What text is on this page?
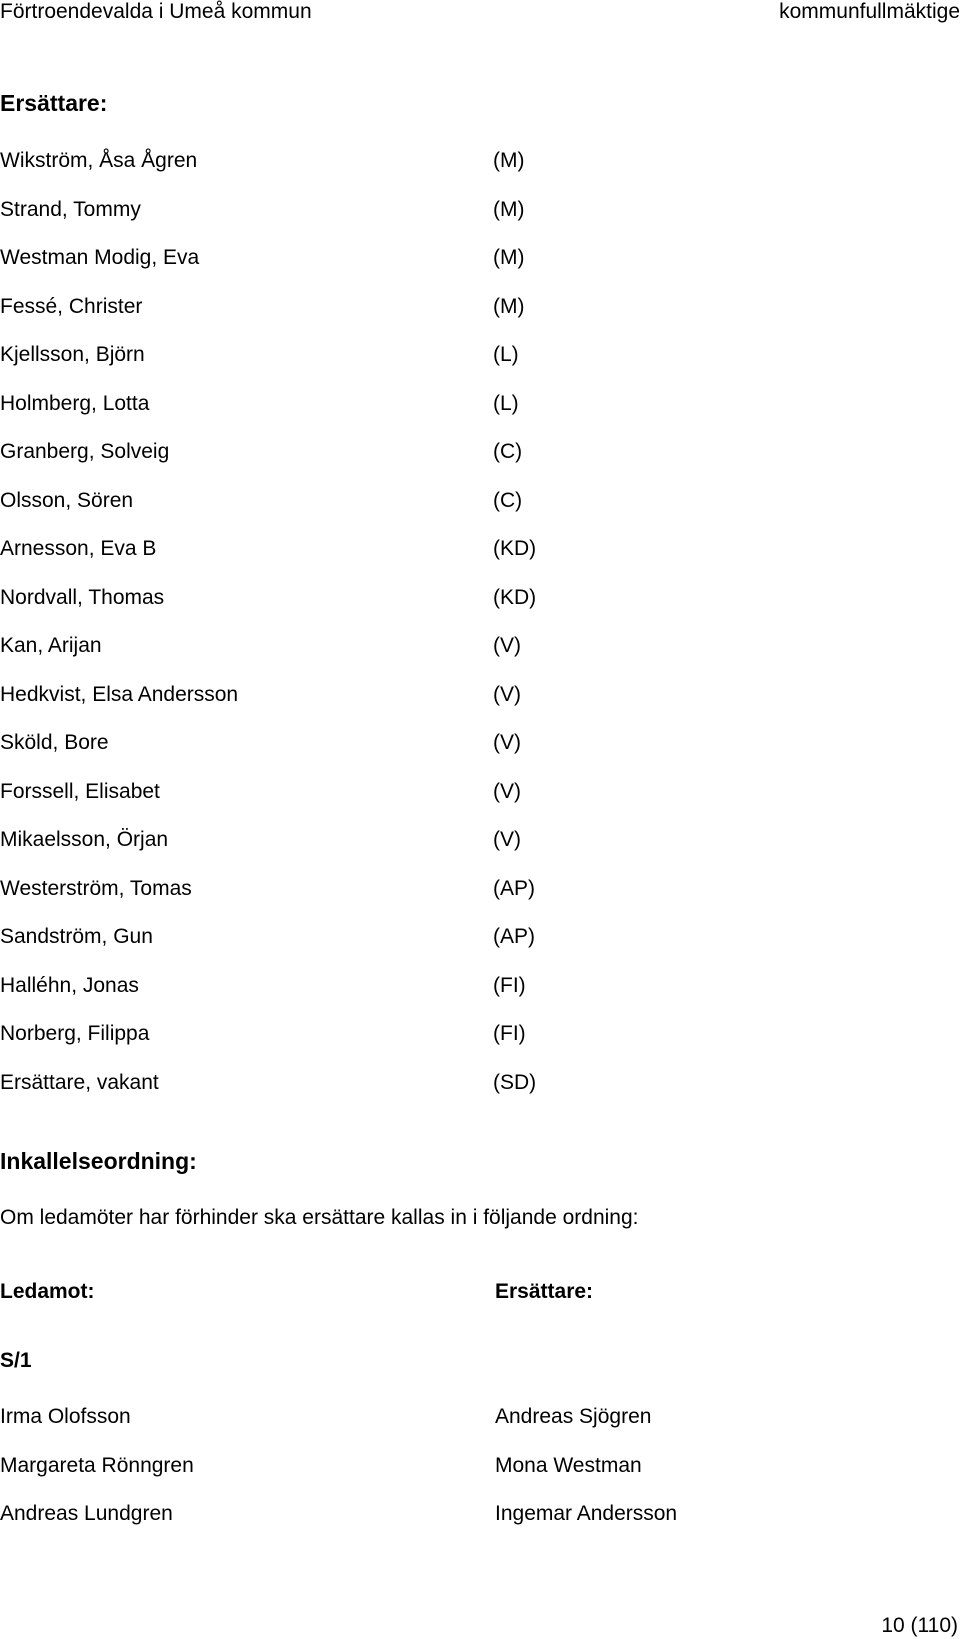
Förtroendevalda i Umeå kommun	kommunfullmäktige
Ersättare:
Wikström, Åsa Ågren	(M)
Strand, Tommy	(M)
Westman Modig, Eva	(M)
Fessé, Christer	(M)
Kjellsson, Björn	(L)
Holmberg, Lotta	(L)
Granberg, Solveig	(C)
Olsson, Sören	(C)
Arnesson, Eva B	(KD)
Nordvall, Thomas	(KD)
Kan, Arijan	(V)
Hedkvist, Elsa Andersson	(V)
Sköld, Bore	(V)
Forssell, Elisabet	(V)
Mikaelsson, Örjan	(V)
Westerström, Tomas	(AP)
Sandström, Gun	(AP)
Halléhn, Jonas	(FI)
Norberg, Filippa	(FI)
Ersättare, vakant	(SD)
Inkallelseordning:
Om ledamöter har förhinder ska ersättare kallas in i följande ordning:
Ledamot:	Ersättare:
S/1
Irma Olofsson	Andreas Sjögren
Margareta Rönngren	Mona Westman
Andreas Lundgren	Ingemar Andersson
10 (110)
